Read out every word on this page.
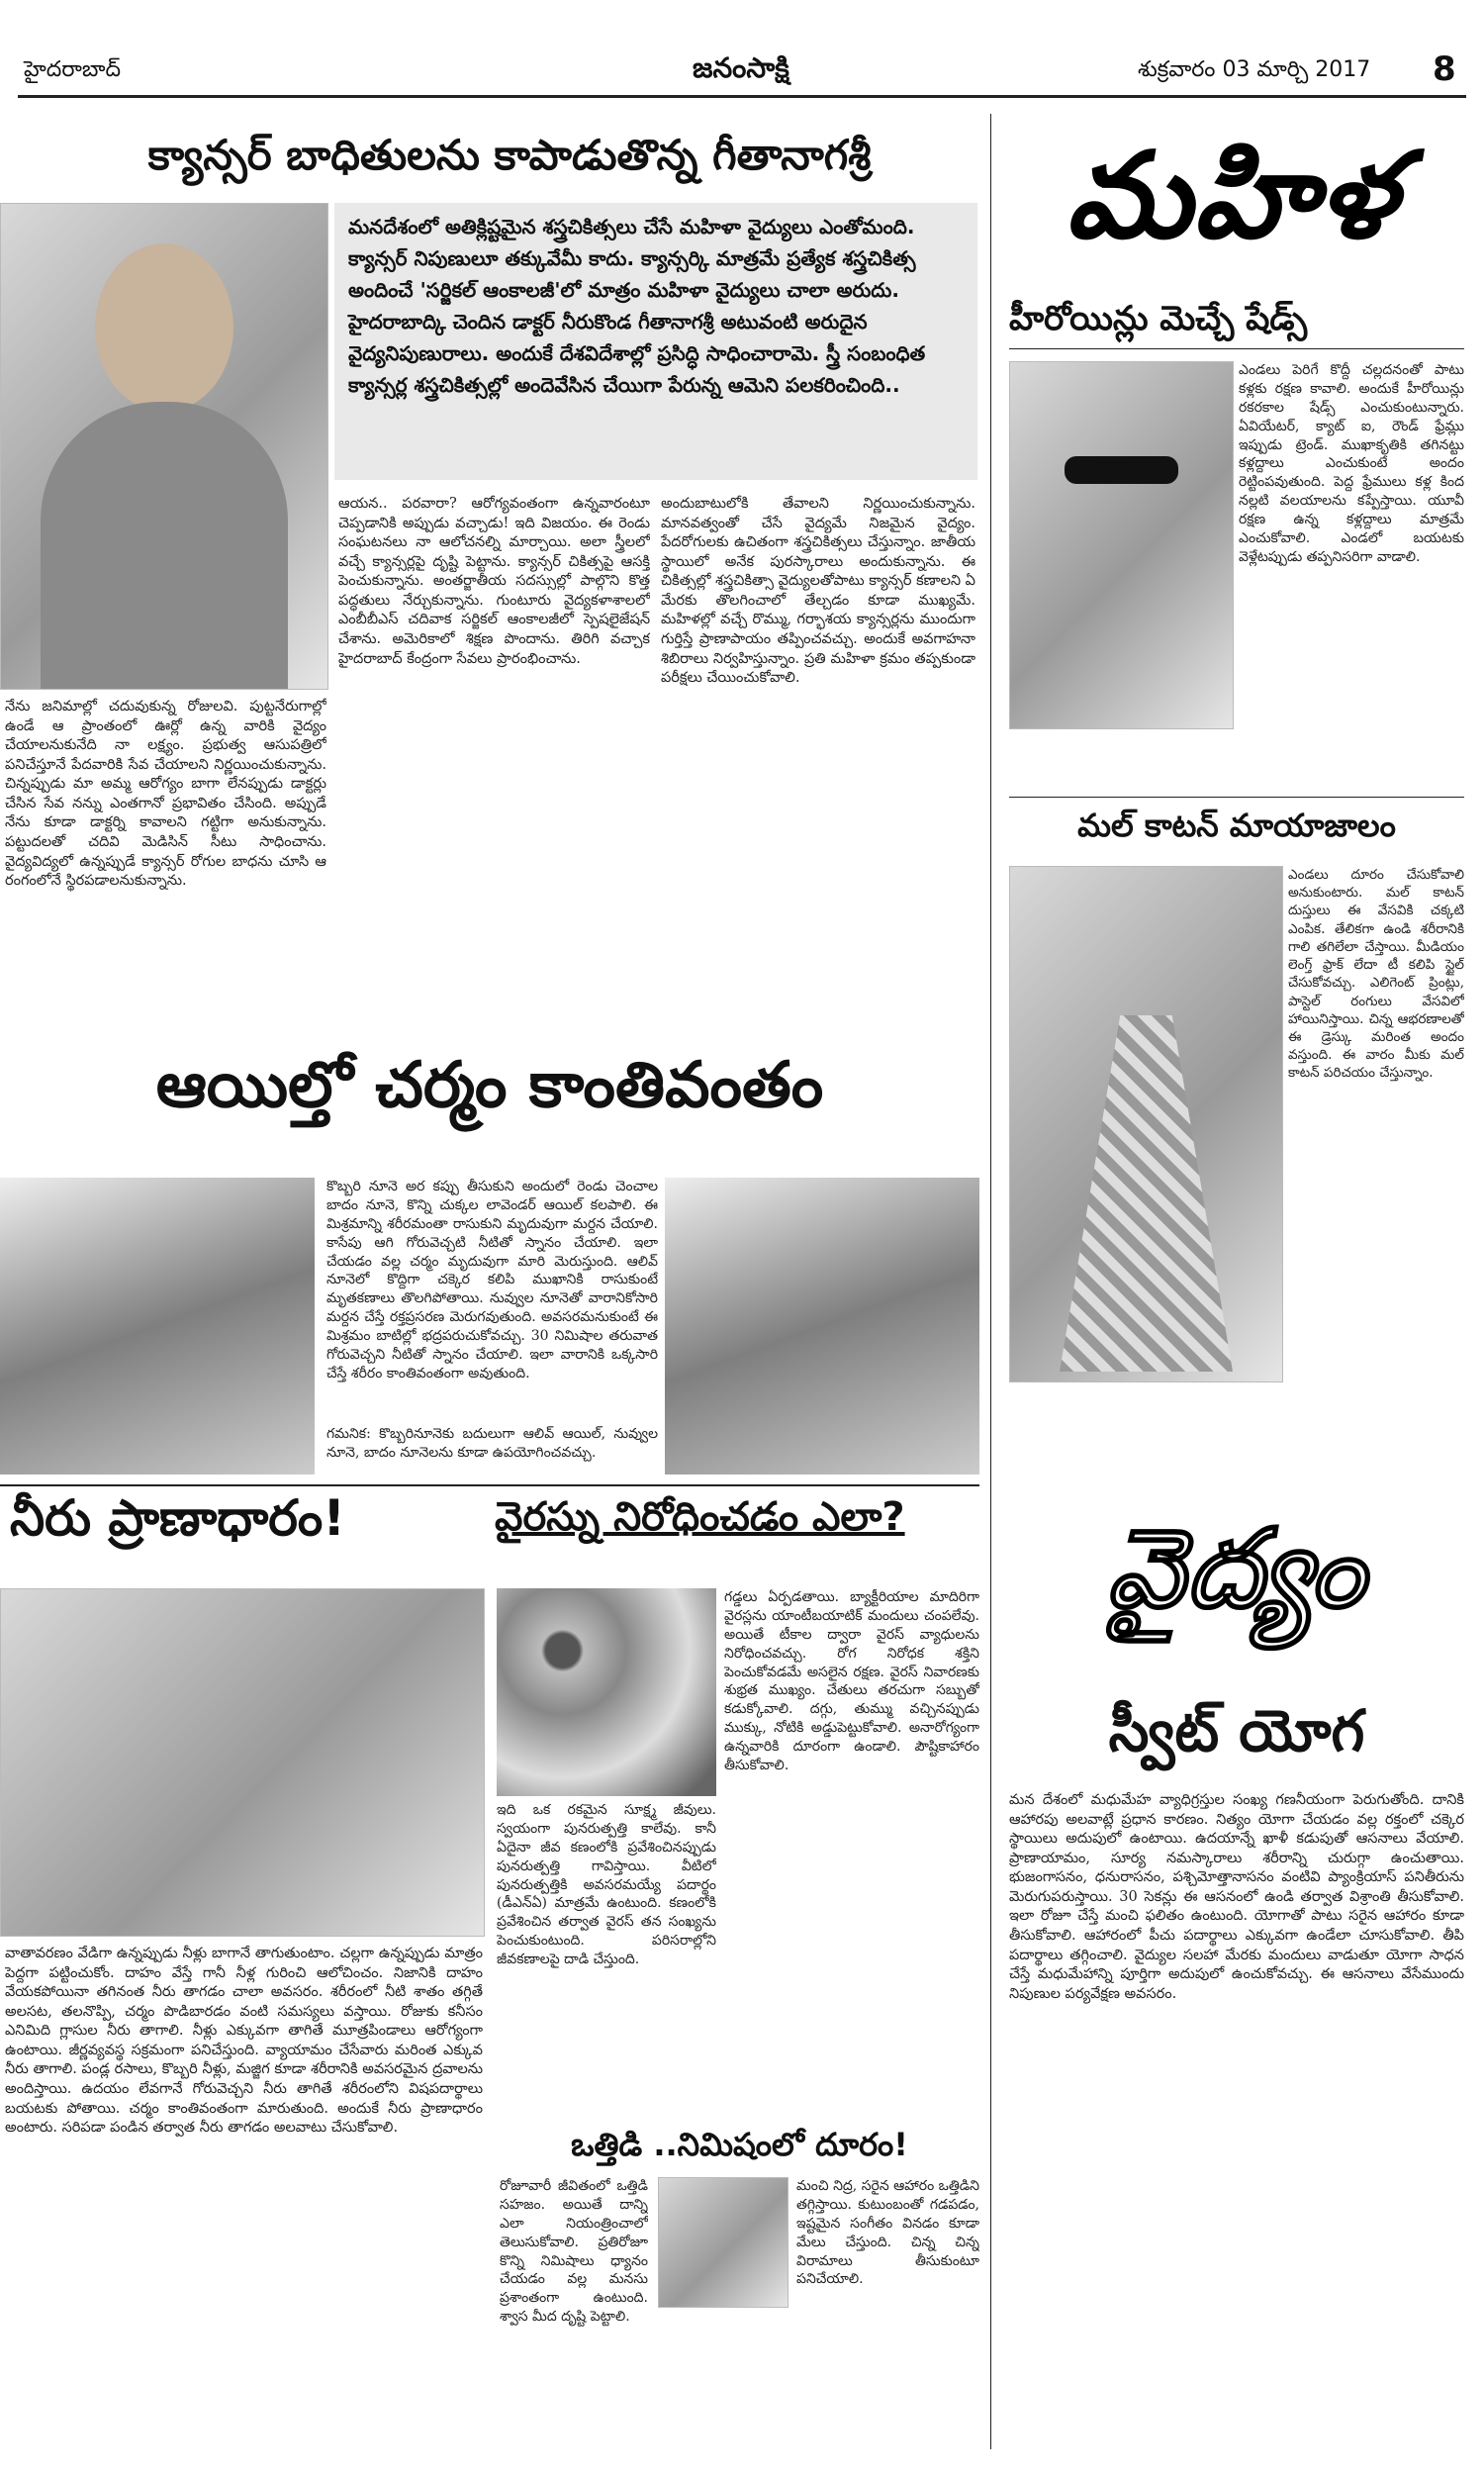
హైదరాబాద్	జనంసాక్షి	శుక్రవారం 03 మార్చి 2017 8
క్యాన్సర్ బాధితులను కాపాడుతొన్న గీతానాగశ్రీ
మనదేశంలో అతిక్లిష్టమైన శస్త్రచికిత్సలు చేసే మహిళా వైద్యులు ఎంతోమంది. క్యాన్సర్ నిపుణులూ తక్కువేమీ కాదు. క్యాన్సర్కి మాత్రమే ప్రత్యేక శస్త్రచికిత్స అందించే 'సర్జికల్ ఆంకాలజీ'లో మాత్రం మహిళా వైద్యులు చాలా అరుదు. హైదరాబాద్కి చెందిన డాక్టర్ నీరుకొండ గీతానాగశ్రీ అటువంటి అరుదైన వైద్యనిపుణురాలు. అందుకే దేశవిదేశాల్లో ప్రసిద్ధి సాధించారామె. స్త్రీ సంబంధిత క్యాన్సర్ల శస్త్రచికిత్సల్లో అందెవేసిన చేయిగా పేరున్న ఆమెని పలకరించింది..
నేను జనిమాల్లో చదువుకున్న రోజులవి. పుట్టనేరుగాల్లో ఉండే ఆ ప్రాంతంలో ఊర్లో ఉన్న వారికి వైద్యం చేయాలనుకునేది నా లక్ష్యం. ప్రభుత్వ ఆసుపత్రిలో పనిచేస్తూనే పేదవారికి సేవ చేయాలని నిర్ణయించుకున్నాను. చిన్నప్పుడు మా అమ్మ ఆరోగ్యం బాగా లేనప్పుడు డాక్టర్లు చేసిన సేవ నన్ను ఎంతగానో ప్రభావితం చేసింది. అప్పుడే నేను కూడా డాక్టర్ని కావాలని గట్టిగా అనుకున్నాను. పట్టుదలతో చదివి మెడిసిన్ సీటు సాధించాను. వైద్యవిద్యలో ఉన్నప్పుడే క్యాన్సర్ రోగుల బాధను చూసి ఆ రంగంలోనే స్థిరపడాలనుకున్నాను.
ఆయన.. పరవారా? ఆరోగ్యవంతంగా ఉన్నవారంటూ చెప్పడానికి అప్పుడు వచ్చాడు! ఇది విజయం. ఈ రెండు సంఘటనలు నా ఆలోచనల్ని మార్చాయి. అలా స్త్రీలలో వచ్చే క్యాన్సర్లపై దృష్టి పెట్టాను. క్యాన్సర్ చికిత్సపై ఆసక్తి పెంచుకున్నాను. అంతర్జాతీయ సదస్సుల్లో పాల్గొని కొత్త పద్ధతులు నేర్చుకున్నాను. గుంటూరు వైద్యకళాశాలలో ఎంబీబీఎస్ చదివాక సర్జికల్ ఆంకాలజీలో స్పెషలైజేషన్ చేశాను. అమెరికాలో శిక్షణ పొందాను. తిరిగి వచ్చాక హైదరాబాద్ కేంద్రంగా సేవలు ప్రారంభించాను.
అందుబాటులోకి తేవాలని నిర్ణయించుకున్నాను. మానవత్వంతో చేసే వైద్యమే నిజమైన వైద్యం. పేదరోగులకు ఉచితంగా శస్త్రచికిత్సలు చేస్తున్నాం. జాతీయ స్థాయిలో అనేక పురస్కారాలు అందుకున్నాను. ఈ చికిత్సల్లో శస్త్రచికిత్సా వైద్యులతోపాటు క్యాన్సర్ కణాలని ఏ మేరకు తొలగించాలో తేల్చడం కూడా ముఖ్యమే. మహిళల్లో వచ్చే రొమ్ము, గర్భాశయ క్యాన్సర్లను ముందుగా గుర్తిస్తే ప్రాణాపాయం తప్పించవచ్చు. అందుకే అవగాహనా శిబిరాలు నిర్వహిస్తున్నాం. ప్రతి మహిళా క్రమం తప్పకుండా పరీక్షలు చేయించుకోవాలి.
ఆయిల్తో చర్మం కాంతివంతం
కొబ్బరి నూనె అర కప్పు తీసుకుని అందులో రెండు చెంచాల బాదం నూనె, కొన్ని చుక్కల లావెండర్ ఆయిల్ కలపాలి. ఈ మిశ్రమాన్ని శరీరమంతా రాసుకుని మృదువుగా మర్దన చేయాలి. కాసేపు ఆగి గోరువెచ్చటి నీటితో స్నానం చేయాలి. ఇలా చేయడం వల్ల చర్మం మృదువుగా మారి మెరుస్తుంది. ఆలివ్ నూనెలో కొద్దిగా చక్కెర కలిపి ముఖానికి రాసుకుంటే మృతకణాలు తొలగిపోతాయి. నువ్వుల నూనెతో వారానికోసారి మర్దన చేస్తే రక్తప్రసరణ మెరుగవుతుంది. అవసరమనుకుంటే ఈ మిశ్రమం బాటిల్లో భద్రపరుచుకోవచ్చు. 30 నిమిషాల తరువాత గోరువెచ్చని నీటితో స్నానం చేయాలి. ఇలా వారానికి ఒక్కసారి చేస్తే శరీరం కాంతివంతంగా అవుతుంది.
గమనిక: కొబ్బరినూనెకు బదులుగా ఆలివ్ ఆయిల్, నువ్వుల నూనె, బాదం నూనెలను కూడా ఉపయోగించవచ్చు.
నీరు ప్రాణాధారం!
వాతావరణం వేడిగా ఉన్నప్పుడు నీళ్లు బాగానే తాగుతుంటాం. చల్లగా ఉన్నప్పుడు మాత్రం పెద్దగా పట్టించుకోం. దాహం వేస్తే గానీ నీళ్ల గురించి ఆలోచించం. నిజానికి దాహం వేయకపోయినా తగినంత నీరు తాగడం చాలా అవసరం. శరీరంలో నీటి శాతం తగ్గితే అలసట, తలనొప్పి, చర్మం పొడిబారడం వంటి సమస్యలు వస్తాయి. రోజుకు కనీసం ఎనిమిది గ్లాసుల నీరు తాగాలి. నీళ్లు ఎక్కువగా తాగితే మూత్రపిండాలు ఆరోగ్యంగా ఉంటాయి. జీర్ణవ్యవస్థ సక్రమంగా పనిచేస్తుంది. వ్యాయామం చేసేవారు మరింత ఎక్కువ నీరు తాగాలి. పండ్ల రసాలు, కొబ్బరి నీళ్లు, మజ్జిగ కూడా శరీరానికి అవసరమైన ద్రవాలను అందిస్తాయి. ఉదయం లేవగానే గోరువెచ్చని నీరు తాగితే శరీరంలోని విషపదార్థాలు బయటకు పోతాయి. చర్మం కాంతివంతంగా మారుతుంది. అందుకే నీరు ప్రాణాధారం అంటారు. సరిపడా పండిన తర్వాత నీరు తాగడం అలవాటు చేసుకోవాలి.
వైరస్ను నిరోధించడం ఎలా?
ఇది ఒక రకమైన సూక్ష్మ జీవులు. స్వయంగా పునరుత్పత్తి కాలేవు. కానీ ఏదైనా జీవ కణంలోకి ప్రవేశించినప్పుడు పునరుత్పత్తి గావిస్తాయి. వీటిలో పునరుత్పత్తికి అవసరమయ్యే పదార్థం (డీఎన్ఏ) మాత్రమే ఉంటుంది. కణంలోకి ప్రవేశించిన తర్వాత వైరస్ తన సంఖ్యను పెంచుకుంటుంది. పరిసరాల్లోని జీవకణాలపై దాడి చేస్తుంది.
గడ్డలు ఏర్పడతాయి. బ్యాక్టీరియాల మాదిరిగా వైరస్లను యాంటీబయాటిక్ మందులు చంపలేవు. అయితే టీకాల ద్వారా వైరస్ వ్యాధులను నిరోధించవచ్చు. రోగ నిరోధక శక్తిని పెంచుకోవడమే అసలైన రక్షణ. వైరస్ నివారణకు శుభ్రత ముఖ్యం. చేతులు తరచుగా సబ్బుతో కడుక్కోవాలి. దగ్గు, తుమ్ము వచ్చినప్పుడు ముక్కు, నోటికి అడ్డుపెట్టుకోవాలి. అనారోగ్యంగా ఉన్నవారికి దూరంగా ఉండాలి. పౌష్టికాహారం తీసుకోవాలి.
ఒత్తిడి ..నిమిషంలో దూరం!
రోజూవారీ జీవితంలో ఒత్తిడి సహజం. అయితే దాన్ని ఎలా నియంత్రించాలో తెలుసుకోవాలి. ప్రతిరోజూ కొన్ని నిమిషాలు ధ్యానం చేయడం వల్ల మనసు ప్రశాంతంగా ఉంటుంది. శ్వాస మీద దృష్టి పెట్టాలి.
మంచి నిద్ర, సరైన ఆహారం ఒత్తిడిని తగ్గిస్తాయి. కుటుంబంతో గడపడం, ఇష్టమైన సంగీతం వినడం కూడా మేలు చేస్తుంది. చిన్న చిన్న విరామాలు తీసుకుంటూ పనిచేయాలి.
మహిళ
హీరోయిన్లు మెచ్చే షేడ్స్
ఎండలు పెరిగే కొద్దీ చల్లదనంతో పాటు కళ్లకు రక్షణ కావాలి. అందుకే హీరోయిన్లు రకరకాల షేడ్స్ ఎంచుకుంటున్నారు. ఏవియేటర్, క్యాట్ ఐ, రౌండ్ ఫ్రేమ్లు ఇప్పుడు ట్రెండ్. ముఖాకృతికి తగినట్టు కళ్లద్దాలు ఎంచుకుంటే అందం రెట్టింపవుతుంది. పెద్ద ఫ్రేములు కళ్ల కింద నల్లటి వలయాలను కప్పేస్తాయి. యూవీ రక్షణ ఉన్న కళ్లద్దాలు మాత్రమే ఎంచుకోవాలి. ఎండలో బయటకు వెళ్లేటప్పుడు తప్పనిసరిగా వాడాలి.
మల్ కాటన్ మాయాజాలం
ఎండలు దూరం చేసుకోవాలి అనుకుంటారు. మల్ కాటన్ దుస్తులు ఈ వేసవికి చక్కటి ఎంపిక. తేలికగా ఉండి శరీరానికి గాలి తగిలేలా చేస్తాయి. మీడియం లెంగ్త్ ఫ్రాక్ లేదా టీ కలిపి స్టైల్ చేసుకోవచ్చు. ఎలిగెంట్ ప్రింట్లు, పాస్టెల్ రంగులు వేసవిలో హాయినిస్తాయి. చిన్న ఆభరణాలతో ఈ డ్రెస్కు మరింత అందం వస్తుంది. ఈ వారం మీకు మల్ కాటన్ పరిచయం చేస్తున్నాం.
వైద్యం
స్వీట్ యోగ
మన దేశంలో మధుమేహ వ్యాధిగ్రస్తుల సంఖ్య గణనీయంగా పెరుగుతోంది. దానికి ఆహారపు అలవాట్లే ప్రధాన కారణం. నిత్యం యోగా చేయడం వల్ల రక్తంలో చక్కెర స్థాయిలు అదుపులో ఉంటాయి. ఉదయాన్నే ఖాళీ కడుపుతో ఆసనాలు వేయాలి. ప్రాణాయామం, సూర్య నమస్కారాలు శరీరాన్ని చురుగ్గా ఉంచుతాయి. భుజంగాసనం, ధనురాసనం, పశ్చిమోత్తానాసనం వంటివి ప్యాంక్రియాస్ పనితీరును మెరుగుపరుస్తాయి. 30 సెకన్లు ఈ ఆసనంలో ఉండి తర్వాత విశ్రాంతి తీసుకోవాలి. ఇలా రోజూ చేస్తే మంచి ఫలితం ఉంటుంది. యోగాతో పాటు సరైన ఆహారం కూడా తీసుకోవాలి. ఆహారంలో పీచు పదార్థాలు ఎక్కువగా ఉండేలా చూసుకోవాలి. తీపి పదార్థాలు తగ్గించాలి. వైద్యుల సలహా మేరకు మందులు వాడుతూ యోగా సాధన చేస్తే మధుమేహాన్ని పూర్తిగా అదుపులో ఉంచుకోవచ్చు. ఈ ఆసనాలు వేసేముందు నిపుణుల పర్యవేక్షణ అవసరం.
